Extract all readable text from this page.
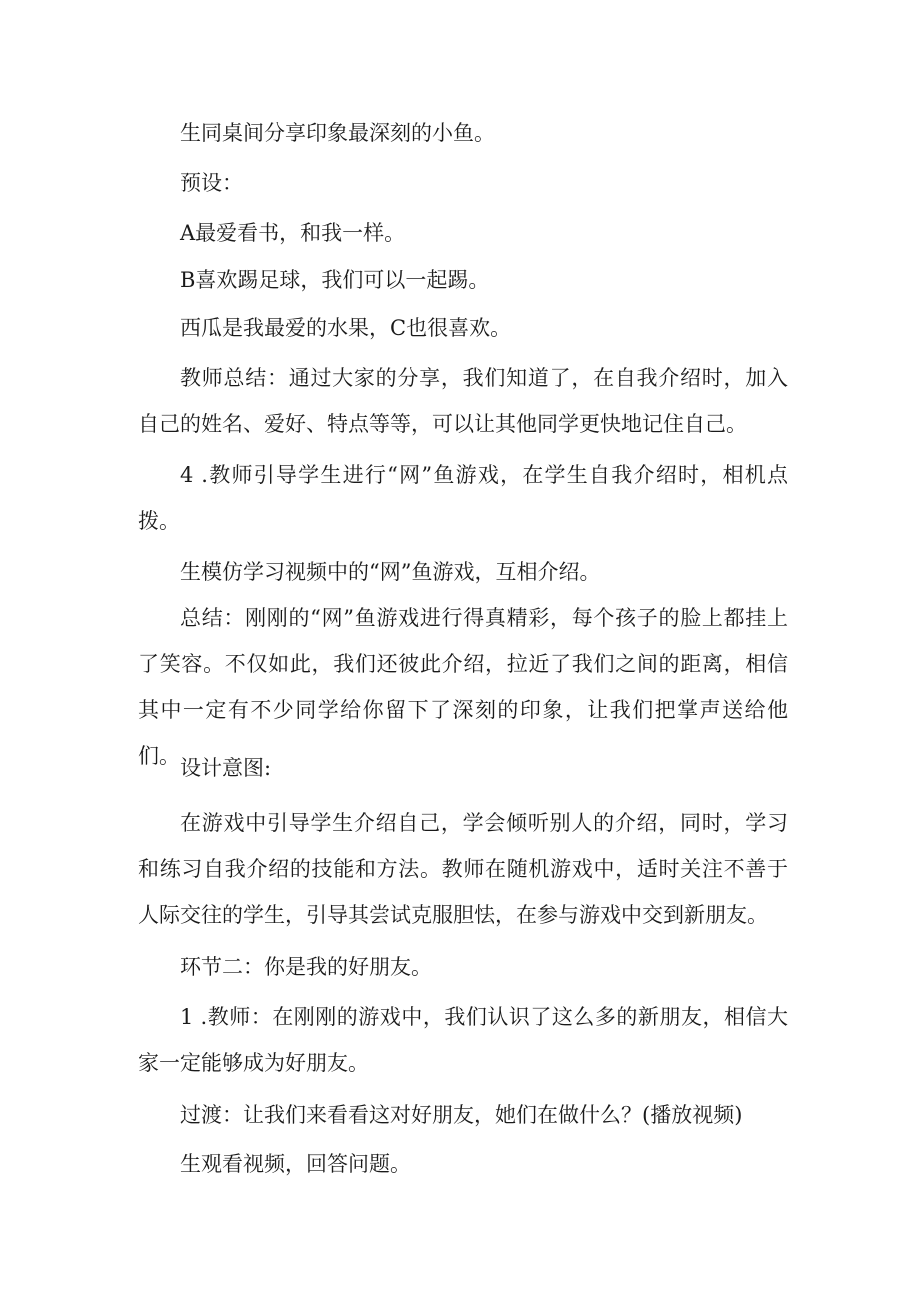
生同桌间分享印象最深刻的小鱼。

预设：

A最爱看书，和我一样。

B喜欢踢足球，我们可以一起踢。

西瓜是我最爱的水果，C也很喜欢。

教师总结：通过大家的分享，我们知道了，在自我介绍时，加入自己的姓名、爱好、特点等等，可以让其他同学更快地记住自己。

4 .教师引导学生进行“网”鱼游戏，在学生自我介绍时，相机点拨。

生模仿学习视频中的“网”鱼游戏，互相介绍。

总结：刚刚的“网”鱼游戏进行得真精彩，每个孩子的脸上都挂上了笑容。不仅如此，我们还彼此介绍，拉近了我们之间的距离，相信其中一定有不少同学给你留下了深刻的印象，让我们把掌声送给他们。 设计意图:

在游戏中引导学生介绍自己，学会倾听别人的介绍，同时，学习和练习自我介绍的技能和方法。教师在随机游戏中，适时关注不善于人际交往的学生，引导其尝试克服胆怯，在参与游戏中交到新朋友。

环节二：你是我的好朋友。

1 .教师：在刚刚的游戏中，我们认识了这么多的新朋友，相信大家一定能够成为好朋友。

过渡：让我们来看看这对好朋友，她们在做什么？(播放视频)

生观看视频，回答问题。
